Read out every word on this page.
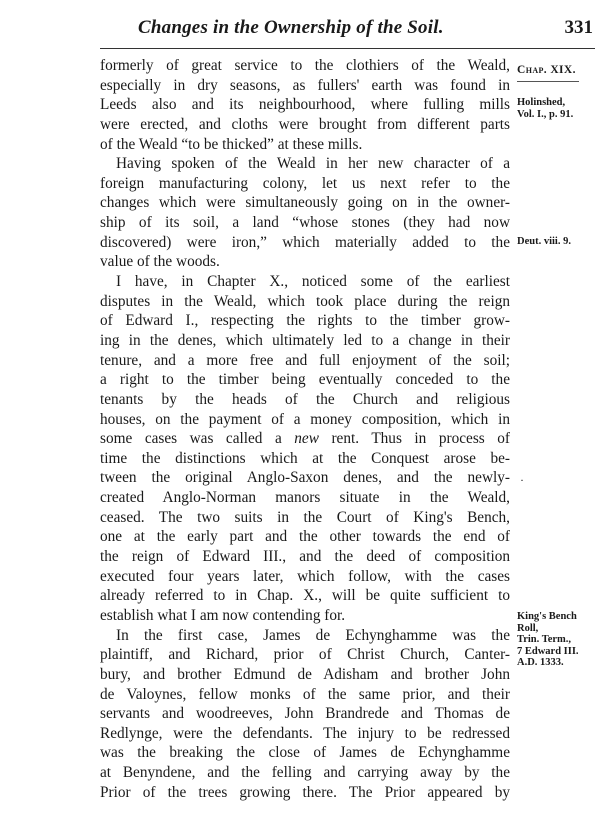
Changes in the Ownership of the Soil.	331
formerly of great service to the clothiers of the Weald,
especially in dry seasons, as fullers' earth was found in
Leeds also and its neighbourhood, where fulling mills
were erected, and cloths were brought from different parts
of the Weald “to be thicked” at these mills.
Having spoken of the Weald in her new character of a
foreign manufacturing colony, let us next refer to the
changes which were simultaneously going on in the owner-
ship of its soil, a land “whose stones (they had now
discovered) were iron,” which materially added to the
value of the woods.
I have, in Chapter X., noticed some of the earliest
disputes in the Weald, which took place during the reign
of Edward I., respecting the rights to the timber grow-
ing in the denes, which ultimately led to a change in their
tenure, and a more free and full enjoyment of the soil;
a right to the timber being eventually conceded to the
tenants by the heads of the Church and religious
houses, on the payment of a money composition, which in
some cases was called a new rent. Thus in process of
time the distinctions which at the Conquest arose be-
tween the original Anglo-Saxon denes, and the newly-
created Anglo-Norman manors situate in the Weald,
ceased. The two suits in the Court of King's Bench,
one at the early part and the other towards the end of
the reign of Edward III., and the deed of composition
executed four years later, which follow, with the cases
already referred to in Chap. X., will be quite sufficient to
establish what I am now contending for.
In the first case, James de Echynghamme was the
plaintiff, and Richard, prior of Christ Church, Canter-
bury, and brother Edmund de Adisham and brother John
de Valoynes, fellow monks of the same prior, and their
servants and woodreeves, John Brandrede and Thomas de
Redlynge, were the defendants. The injury to be redressed
was the breaking the close of James de Echynghamme
at Benyndene, and the felling and carrying away by the
Prior of the trees growing there. The Prior appeared by
Chap. XIX.
Holinshed,
Vol. I., p. 91.
Deut. viii. 9.
·
King's Bench
Roll,
Trin. Term.,
7 Edward III.
A.D. 1333.
